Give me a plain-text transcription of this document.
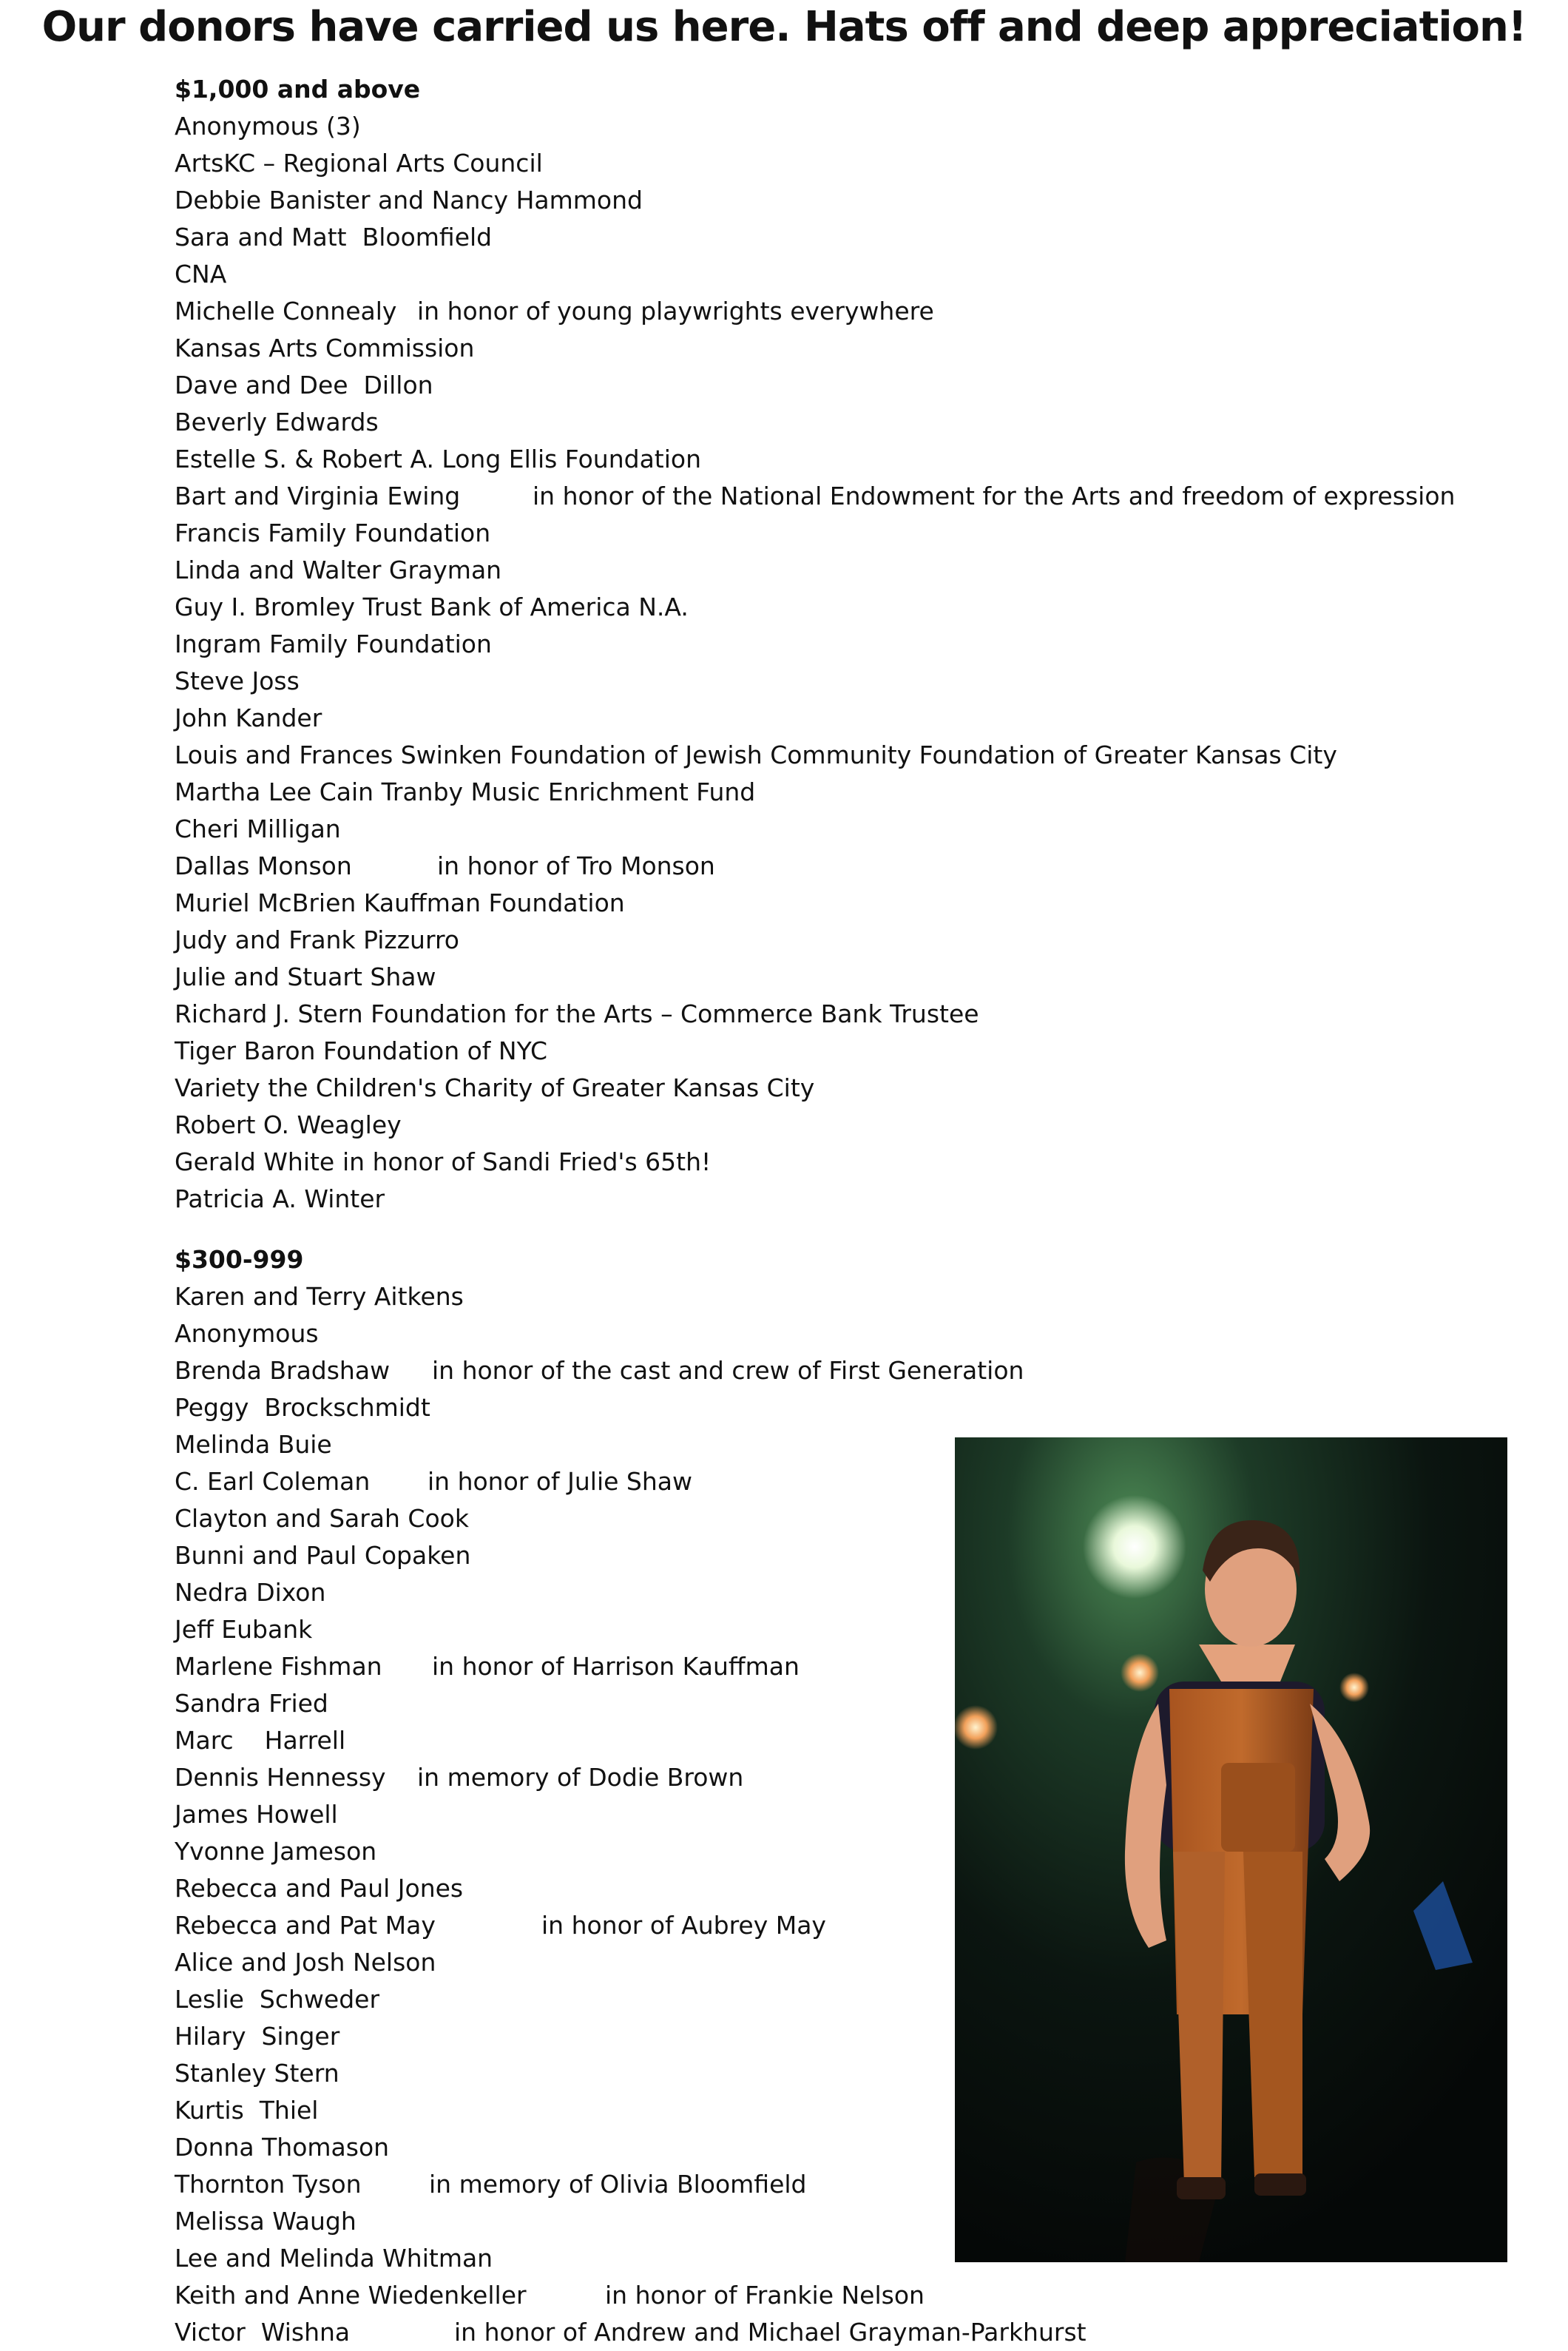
Our donors have carried us here. Hats off and deep appreciation!
$1,000 and above
Anonymous (3)
ArtsKC – Regional Arts Council
Debbie Banister and Nancy Hammond
Sara and Matt  Bloomfield
CNA
Michelle Connealy in honor of young playwrights everywhere
Kansas Arts Commission
Dave and Dee  Dillon
Beverly Edwards
Estelle S. & Robert A. Long Ellis Foundation
Bart and Virginia Ewing	in honor of the National Endowment for the Arts and freedom of expression
Francis Family Foundation
Linda and Walter Grayman
Guy I. Bromley Trust Bank of America N.A.
Ingram Family Foundation
Steve Joss
John Kander
Louis and Frances Swinken Foundation of Jewish Community Foundation of Greater Kansas City
Martha Lee Cain Tranby Music Enrichment Fund
Cheri Milligan
Dallas Monson	in honor of Tro Monson
Muriel McBrien Kauffman Foundation
Judy and Frank Pizzurro
Julie and Stuart Shaw
Richard J. Stern Foundation for the Arts – Commerce Bank Trustee
Tiger Baron Foundation of NYC
Variety the Children's Charity of Greater Kansas City
Robert O. Weagley
Gerald White in honor of Sandi Fried's 65th!
Patricia A. Winter
$300-999
Karen and Terry Aitkens
Anonymous
Brenda Bradshaw in honor of the cast and crew of First Generation
Peggy  Brockschmidt
Melinda Buie
C. Earl Coleman in honor of Julie Shaw
Clayton and Sarah Cook
Bunni and Paul Copaken
Nedra Dixon
Jeff Eubank
Marlene Fishman in honor of Harrison Kauffman
Sandra Fried
Marc    Harrell
Dennis Hennessy in memory of Dodie Brown
James Howell
Yvonne Jameson
Rebecca and Paul Jones
Rebecca and Pat May	in honor of Aubrey May
Alice and Josh Nelson
Leslie  Schweder
Hilary  Singer
Stanley Stern
Kurtis  Thiel
Donna Thomason
Thornton Tyson	in memory of Olivia Bloomfield
Melissa Waugh
Lee and Melinda Whitman
Keith and Anne Wiedenkeller	in honor of Frankie Nelson
Victor  Wishna	in honor of Andrew and Michael Grayman-Parkhurst
